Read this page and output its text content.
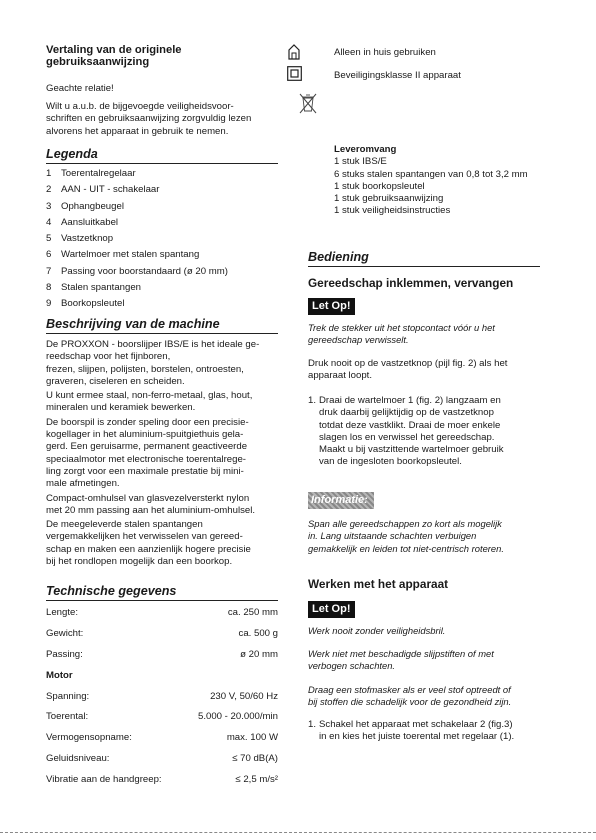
Vertaling van de originele

gebruiksaanwijzing

Geachte relatie!

Wilt u a.u.b. de bijgevoegde veiligheidsvoor-

schriften en gebruiksaanwijzing zorgvuldig lezen

alvorens het apparaat in gebruik te nemen.

Legenda
1	Toerentalregelaar
2	AAN - UIT - schakelaar
3	Ophangbeugel
4	Aansluitkabel
5	Vastzetknop
6	Wartelmoer met stalen spantang
7	Passing voor boorstandaard (ø 20 mm)
8	Stalen spantangen
9	Boorkopsleutel
Beschrijving van de machine

De PROXXON - boorslijper IBS/E is het ideale ge-

reedschap voor het fijnboren,

frezen, slijpen, polijsten, borstelen, ontroesten,

graveren, ciseleren en scheiden.

U kunt ermee staal, non-ferro-metaal, glas, hout,

mineralen und keramiek bewerken.

De boorspil is zonder speling door een precisie-

kogellager in het aluminium-spuitgiethuis gela-

gerd. Een geruisarme, permanent geactiveerde

speciaalmotor met electronische toerentalrege-

ling zorgt voor een maximale prestatie bij mini-

male afmetingen.

Compact-omhulsel van glasvezelversterkt nylon

met 20 mm passing aan het aluminium-omhulsel.

De meegeleverde stalen spantangen

vergemakkelijken het verwisselen van gereed-

schap en maken een aanzienlijk hogere precisie

bij het rondlopen mogelijk dan een boorkop.

Technische gegevens
Lengte:	ca. 250 mm
Gewicht:	ca. 500 g
Passing:	ø 20 mm
Motor
Spanning:	230 V, 50/60 Hz
Toerental:	5.000 - 20.000/min
Vermogensopname:	max. 100 W
Geluidsniveau:	≤ 70 dB(A)
Vibratie aan de handgreep:	≤ 2,5 m/s²
Alleen in huis gebruiken
Beveiligingsklasse II apparaat

Leveromvang

1 stuk IBS/E

6 stuks stalen spantangen van 0,8 tot 3,2 mm

1 stuk boorkopsleutel

1 stuk gebruiksaanwijzing

1 stuk veiligheidsinstructies

Bediening
Gereedschap inklemmen, vervangen
Let Op!

Trek de stekker uit het stopcontact vóór u het

gereedschap verwisselt.

Druk nooit op de vastzetknop (pijl fig. 2) als het

apparaat loopt.

1. Draai de wartelmoer 1 (fig. 2) langzaam en

druk daarbij gelijktijdig op de vastzetknop

totdat deze vastklikt. Draai de moer enkele

slagen los en verwissel het gereedschap.

Maakt u bij vastzittende wartelmoer gebruik

van de ingesloten boorkopsleutel.

Informatie:

Span alle gereedschappen zo kort als mogelijk

in. Lang uitstaande schachten verbuigen

gemakkelijk en leiden tot niet-centrisch roteren.

Werken met het apparaat
Let Op!
Werk nooit zonder veiligheidsbril.

Werk niet met beschadigde slijpstiften of met

verbogen schachten.

Draag een stofmasker als er veel stof optreedt of

bij stoffen die schadelijk voor de gezondheid zijn.

1. Schakel het apparaat met schakelaar 2 (fig.3)

in en kies het juiste toerental met regelaar (1).
